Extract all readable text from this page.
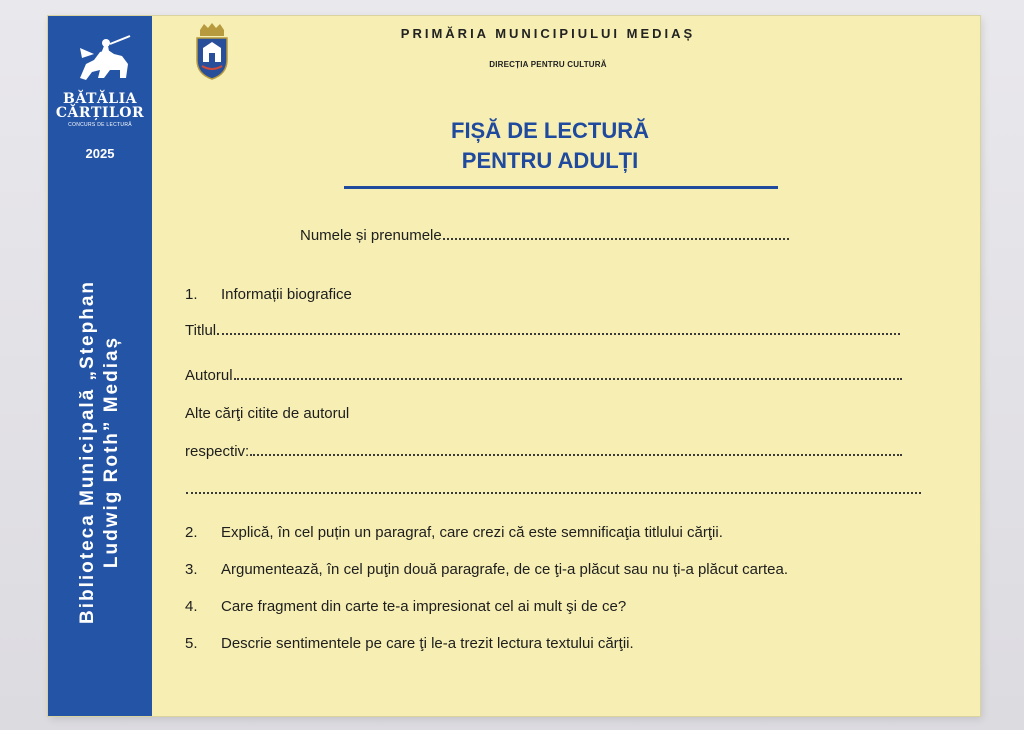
BĂTĂLIA
CĂRȚILOR
CONCURS DE LECTURĂ
2025
Biblioteca Municipală „Stephan Ludwig Roth” Mediaș
PRIMĂRIA MUNICIPIULUI MEDIAȘ
DIRECȚIA PENTRU CULTURĂ
FIȘĂ DE LECTURĂ
PENTRU ADULȚI
Numele și prenumele
1. Informații biografice
Titlul
Autorul
Alte cărţi citite de autorul
respectiv:
2. Explică, în cel puțin un paragraf, care crezi că este semnificaţia titlului cărţii.
3. Argumentează, în cel puţin două paragrafe, de ce ţi-a plăcut sau nu ți-a plăcut cartea.
4. Care fragment din carte te-a impresionat cel ai mult şi de ce?
5. Descrie sentimentele pe care ţi le-a trezit lectura textului cărţii.
